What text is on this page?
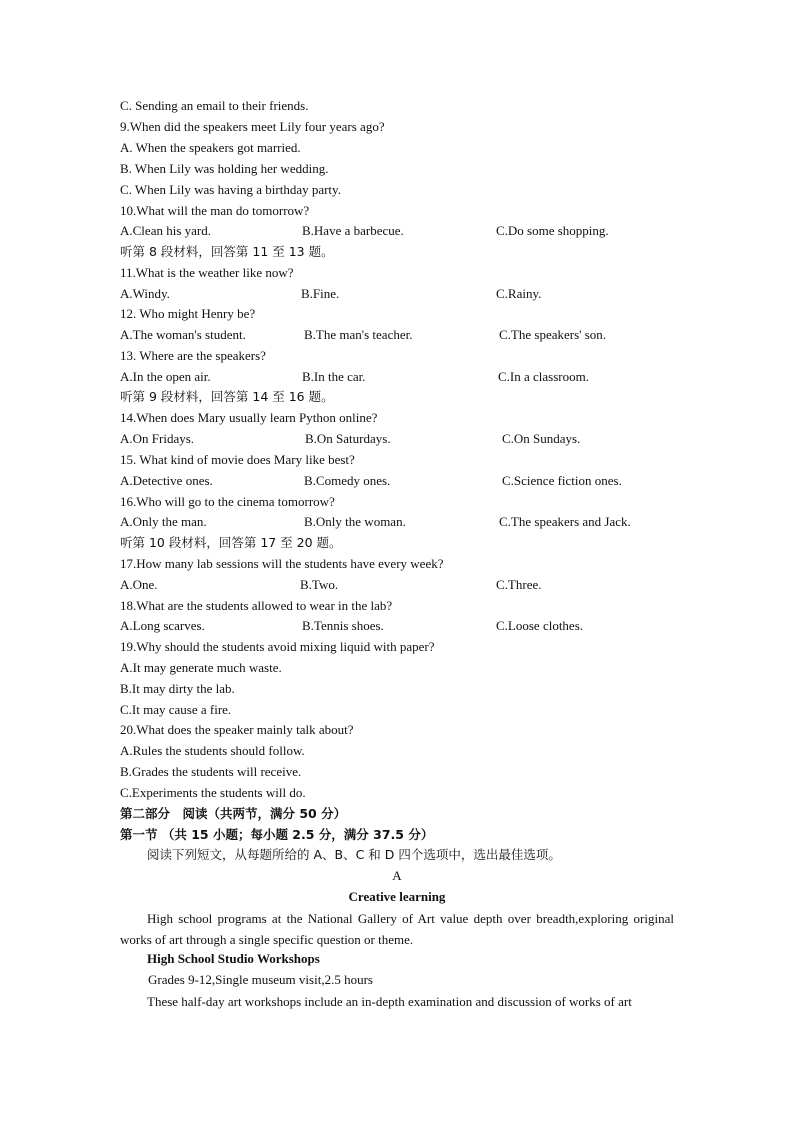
C. Sending an email to their friends.
9.When did the speakers meet Lily four years ago?
A. When the speakers got married.
B. When Lily was holding her wedding.
C. When Lily was having a birthday party.
10.What will the man do tomorrow?
A.Clean his yard.	B.Have a barbecue.	C.Do some shopping.
听第 8 段材料，回答第 11 至 13 题。
11.What is the weather like now?
A.Windy.	B.Fine.	C.Rainy.
12. Who might Henry be?
A.The woman's student.	B.The man's teacher.	C.The speakers' son.
13. Where are the speakers?
A.In the open air.	B.In the car.	C.In a classroom.
听第 9 段材料，回答第 14 至 16 题。
14.When does Mary usually learn Python online?
A.On Fridays.	B.On Saturdays.	C.On Sundays.
15. What kind of movie does Mary like best?
A.Detective ones.	B.Comedy ones.	C.Science fiction ones.
16.Who will go to the cinema tomorrow?
A.Only the man.	B.Only the woman.	C.The speakers and Jack.
听第 10 段材料，回答第 17 至 20 题。
17.How many lab sessions will the students have every week?
A.One.	B.Two.	C.Three.
18.What are the students allowed to wear in the lab?
A.Long scarves.	B.Tennis shoes.	C.Loose clothes.
19.Why should the students avoid mixing liquid with paper?
A.It may generate much waste.
B.It may dirty the lab.
C.It may cause a fire.
20.What does the speaker mainly talk about?
A.Rules the students should follow.
B.Grades the students will receive.
C.Experiments the students will do.
第二部分　阅读（共两节，满分 50 分）
第一节 （共 15 小题；每小题 2.5 分，满分 37.5 分）
阅读下列短文，从每题所给的 A、B、C 和 D 四个选项中，选出最佳选项。
A
Creative learning
High school programs at the National Gallery of Art value depth over breadth,exploring original works of art through a single specific question or theme.
High School Studio Workshops
Grades 9-12,Single museum visit,2.5 hours
These half-day art workshops include an in-depth examination and discussion of works of art
